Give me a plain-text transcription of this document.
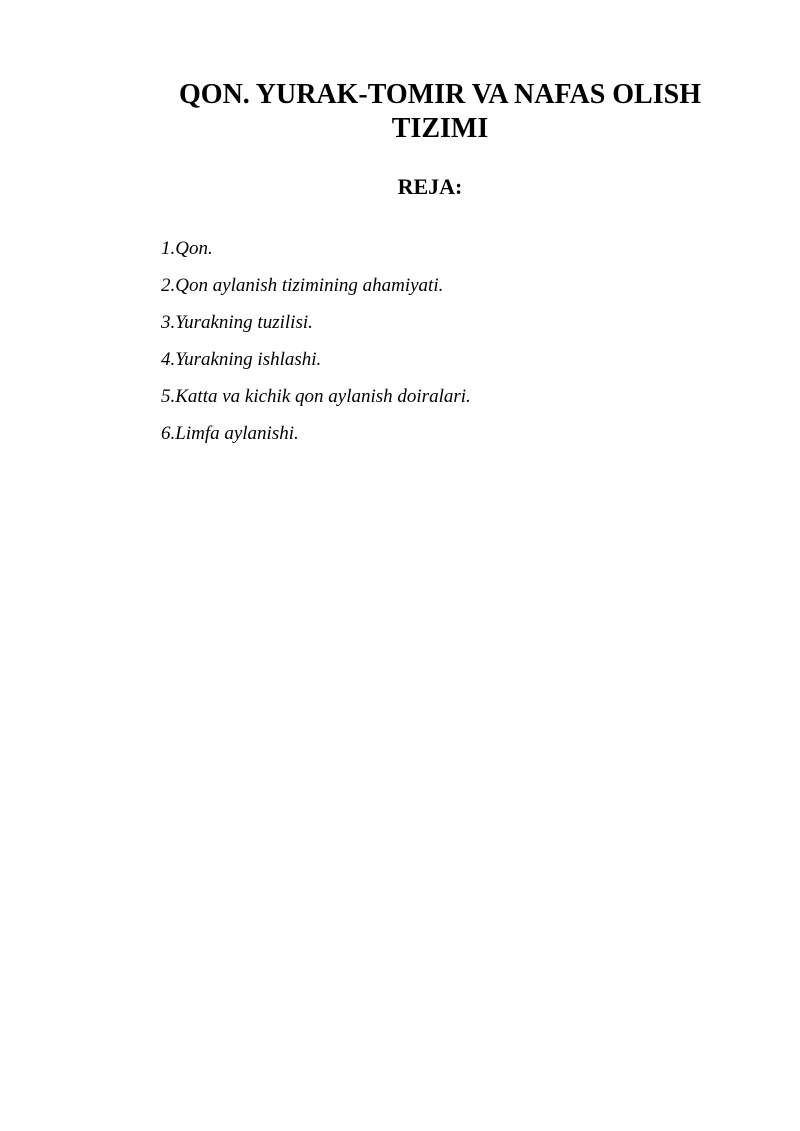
QON. YURAK-TOMIR VA NAFAS OLISH TIZIMI
REJA:
1.Qon.
2.Qon aylanish tizimining ahamiyati.
3.Yurakning tuzilisi.
4.Yurakning ishlashi.
5.Katta va kichik qon aylanish doiralari.
6.Limfa aylanishi.
